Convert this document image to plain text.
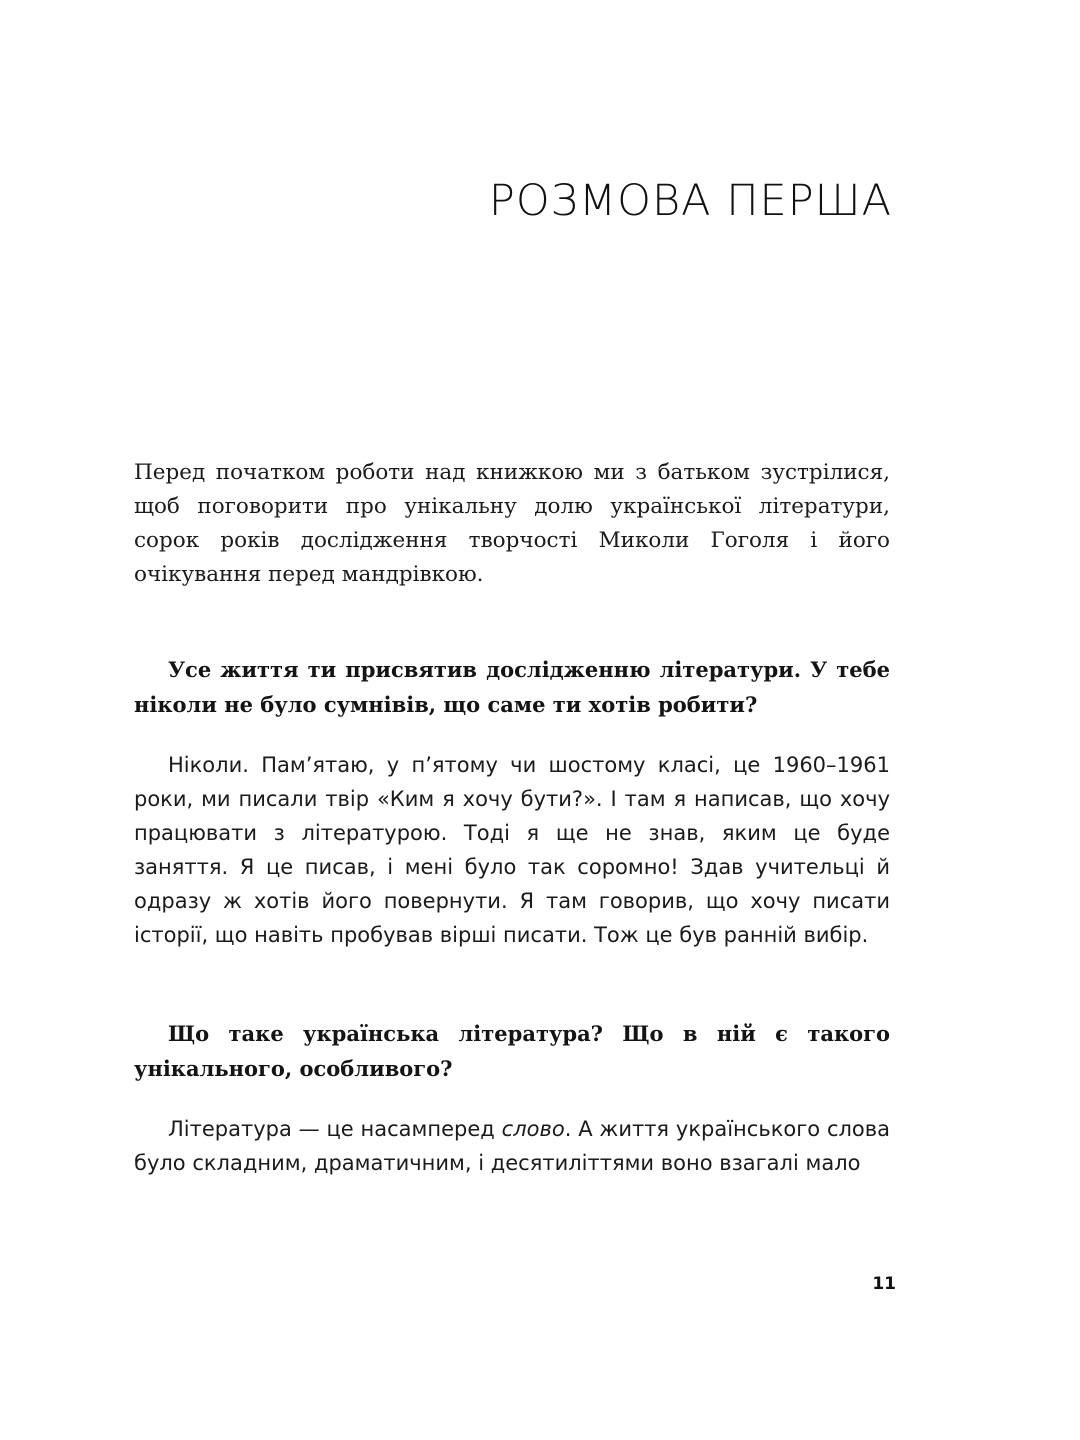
РОЗМОВА ПЕРША

Перед початком роботи над книжкою ми з батьком зустрілися, щоб поговорити про унікальну долю української літератури, сорок років дослідження творчості Миколи Гоголя і його очікування перед мандрівкою.

Усе життя ти присвятив дослідженню літератури. У тебе ніколи не було сумнівів, що саме ти хотів робити?

Ніколи. Пам’ятаю, у п’ятому чи шостому класі, це 1960–1961 роки, ми писали твір «Ким я хочу бути?». І там я написав, що хочу працювати з літературою. Тоді я ще не знав, яким це буде заняття. Я це писав, і мені було так соромно! Здав учительці й одразу ж хотів його повернути. Я там говорив, що хочу писати історії, що навіть пробував вірші писати. Тож це був ранній вибір.

Що таке українська література? Що в ній є такого унікального, особливого?

Література — це насамперед слово. А життя українського слова було складним, драматичним, і десятиліттями воно взагалі мало

11
